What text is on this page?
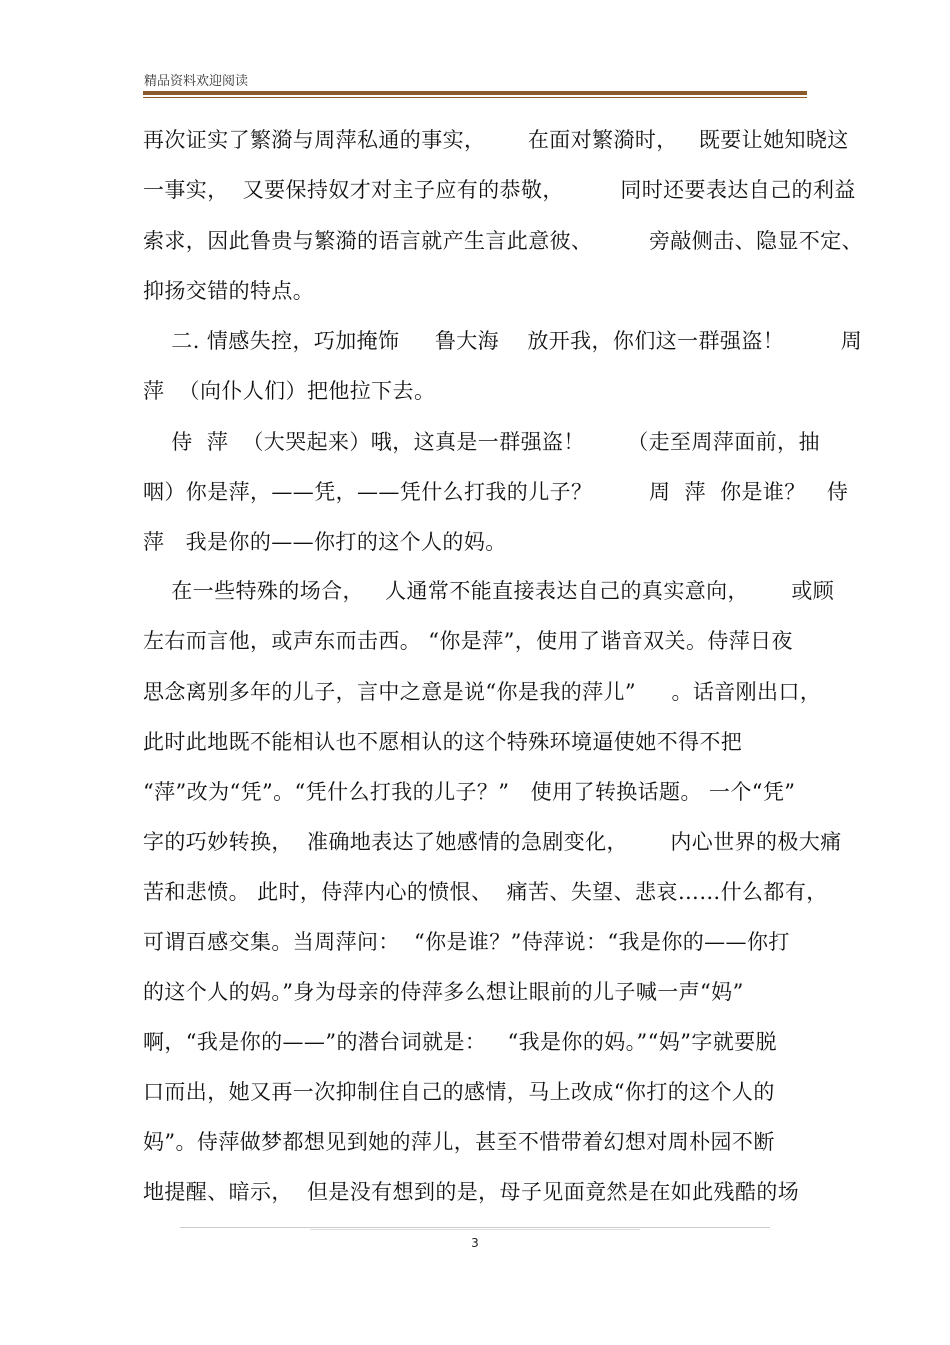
精品资料欢迎阅读
再次证实了繁漪与周萍私通的事实，      在面对繁漪时，   既要让她知晓这
一事实，  又要保持奴才对主子应有的恭敬，        同时还要表达自己的利益
索求，因此鲁贵与繁漪的语言就产生言此意彼、        旁敲侧击、隐显不定、
抑扬交错的特点。
二. 情感失控，巧加掩饰     鲁大海    放开我，你们这一群强盗！        周
萍  （向仆人们）把他拉下去。
侍  萍  （大哭起来）哦，这真是一群强盗！      （走至周萍面前，抽
咽）你是萍，——凭，——凭什么打我的儿子？        周  萍  你是谁？   侍
萍   我是你的——你打的这个人的妈。
在一些特殊的场合，   人通常不能直接表达自己的真实意向，      或顾
左右而言他，或声东而击西。 “你是萍”，使用了谐音双关。侍萍日夜
思念离别多年的儿子，言中之意是说“你是我的萍儿”     。话音刚出口，
此时此地既不能相认也不愿相认的这个特殊环境逼使她不得不把
“萍”改为“凭”。“凭什么打我的儿子？”   使用了转换话题。 一个“凭”
字的巧妙转换，  准确地表达了她感情的急剧变化，      内心世界的极大痛
苦和悲愤。 此时，侍萍内心的愤恨、  痛苦、失望、悲哀……什么都有，
可谓百感交集。当周萍问：  “你是谁？”侍萍说：“我是你的——你打
的这个人的妈。”身为母亲的侍萍多么想让眼前的儿子喊一声“妈”
啊，“我是你的——”的潜台词就是：   “我是你的妈。”“妈”字就要脱
口而出，她又再一次抑制住自己的感情，马上改成“你打的这个人的
妈”。侍萍做梦都想见到她的萍儿，甚至不惜带着幻想对周朴园不断
地提醒、暗示，  但是没有想到的是，母子见面竟然是在如此残酷的场
3
